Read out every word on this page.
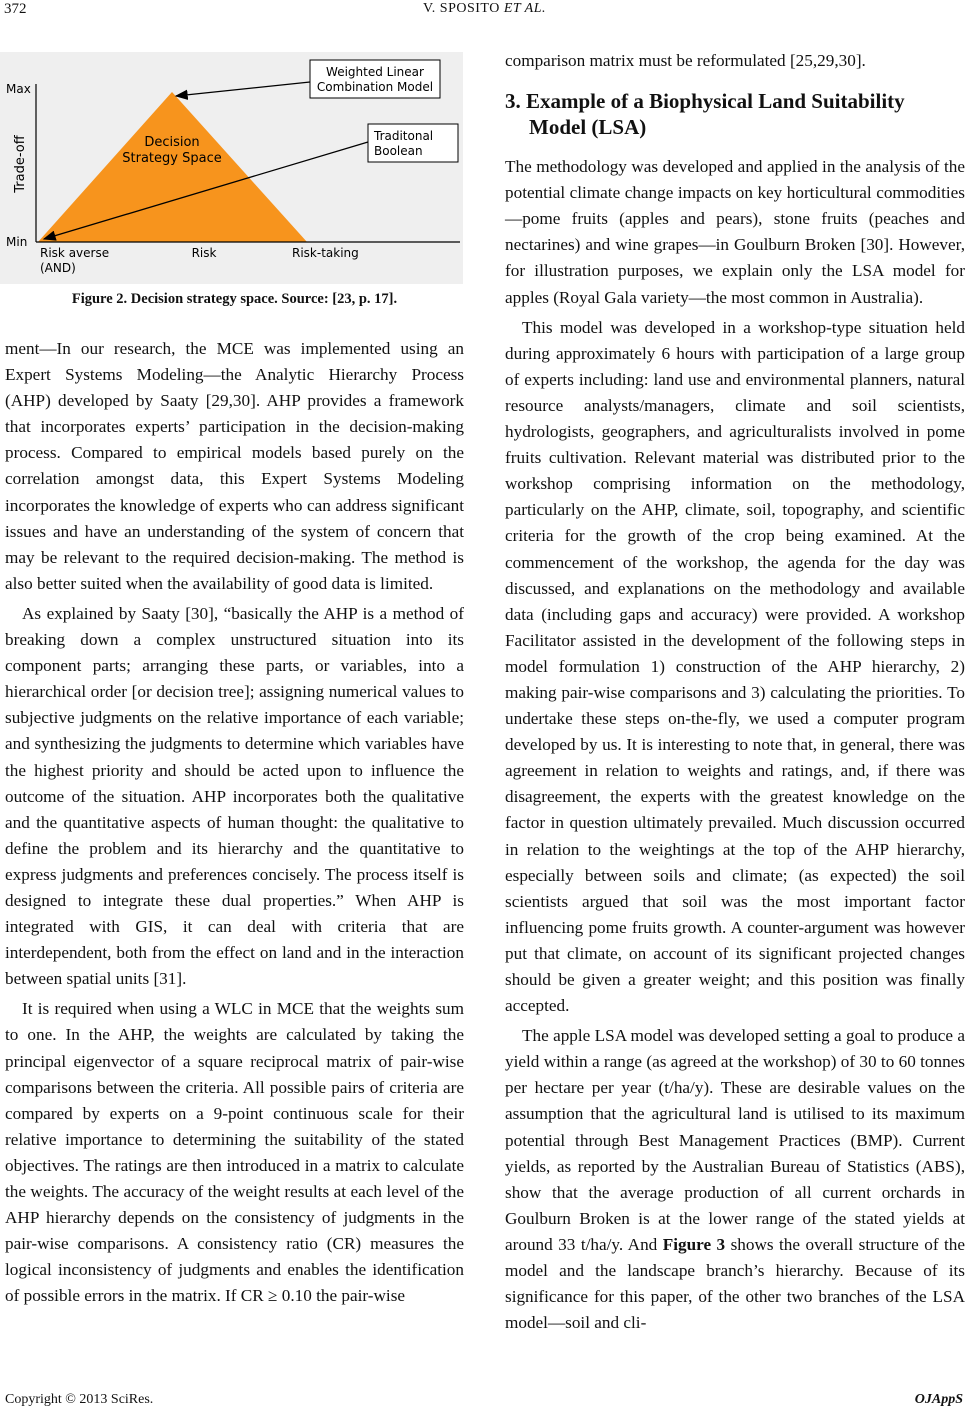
372	V. SPOSITO ET AL.
Max
Min
Trade-off	Decision
Strategy Space
Weighted Linear
Combination Model
Traditonal
Boolean
Risk averse
(AND)
Risk	Risk-taking
Figure 2. Decision strategy space. Source: [23, p. 17].

ment—In our research, the MCE was implemented using an Expert Systems Modeling—the Analytic Hierarchy Process (AHP) developed by Saaty [29,30]. AHP provides a framework that incorporates experts’ participation in the decision-making process. Compared to empirical models based purely on the correlation amongst data, this Expert Systems Modeling incorporates the knowledge of experts who can address significant issues and have an understanding of the system of concern that may be relevant to the required decision-making. The method is also better suited when the availability of good data is limited.

As explained by Saaty [30], “basically the AHP is a method of breaking down a complex unstructured situation into its component parts; arranging these parts, or variables, into a hierarchical order [or decision tree]; assigning numerical values to subjective judgments on the relative importance of each variable; and synthesizing the judgments to determine which variables have the highest priority and should be acted upon to influence the outcome of the situation. AHP incorporates both the qualitative and the quantitative aspects of human thought: the qualitative to define the problem and its hierarchy and the quantitative to express judgments and preferences concisely. The process itself is designed to integrate these dual properties.” When AHP is integrated with GIS, it can deal with criteria that are interdependent, both from the effect on land and in the interaction between spatial units [31].

It is required when using a WLC in MCE that the weights sum to one. In the AHP, the weights are calculated by taking the principal eigenvector of a square reciprocal matrix of pair-wise comparisons between the criteria. All possible pairs of criteria are compared by experts on a 9-point continuous scale for their relative importance to determining the suitability of the stated objectives. The ratings are then introduced in a matrix to calculate the weights. The accuracy of the weight results at each level of the AHP hierarchy depends on the consistency of judgments in the pair-wise comparisons. A consistency ratio (CR) measures the logical inconsistency of judgments and enables the identification of possible errors in the matrix. If CR ≥ 0.10 the pair-wise

comparison matrix must be reformulated [25,29,30].

3. Example of a Biophysical Land Suitability
Model (LSA)

The methodology was developed and applied in the analysis of the potential climate change impacts on key horticultural commodities—pome fruits (apples and pears), stone fruits (peaches and nectarines) and wine grapes—in Goulburn Broken [30]. However, for illustration purposes, we explain only the LSA model for apples (Royal Gala variety—the most common in Australia).

This model was developed in a workshop-type situation held during approximately 6 hours with participation of a large group of experts including: land use and environmental planners, natural resource analysts/managers, climate and soil scientists, hydrologists, geographers, and agriculturalists involved in pome fruits cultivation. Relevant material was distributed prior to the workshop comprising information on the methodology, particularly on the AHP, climate, soil, topography, and scientific criteria for the growth of the crop being examined. At the commencement of the workshop, the agenda for the day was discussed, and explanations on the methodology and available data (including gaps and accuracy) were provided. A workshop Facilitator assisted in the development of the following steps in model formulation 1) construction of the AHP hierarchy, 2) making pair-wise comparisons and 3) calculating the priorities. To undertake these steps on-the-fly, we used a computer program developed by us. It is interesting to note that, in general, there was agreement in relation to weights and ratings, and, if there was disagreement, the experts with the greatest knowledge on the factor in question ultimately prevailed. Much discussion occurred in relation to the weightings at the top of the AHP hierarchy, especially between soils and climate; (as expected) the soil scientists argued that soil was the most important factor influencing pome fruits growth. A counter-argument was however put that climate, on account of its significant projected changes should be given a greater weight; and this position was finally accepted.

The apple LSA model was developed setting a goal to produce a yield within a range (as agreed at the workshop) of 30 to 60 tonnes per hectare per year (t/ha/y). These are desirable values on the assumption that the agricultural land is utilised to its maximum potential through Best Management Practices (BMP). Current yields, as reported by the Australian Bureau of Statistics (ABS), show that the average production of all current orchards in Goulburn Broken is at the lower range of the stated yields at around 33 t/ha/y. And Figure 3 shows the overall structure of the model and the landscape branch’s hierarchy. Because of its significance for this paper, of the other two branches of the LSA model—soil and cli-

Copyright © 2013 SciRes.	OJAppS
